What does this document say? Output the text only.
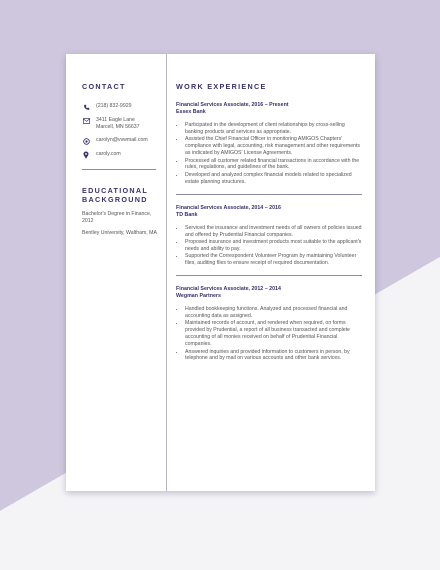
CONTACT
(218) 832-9929
3411 Eagle Lane
Marcell, MN 56637
carolyn@vvwmail.com
caroly.com
EDUCATIONAL BACKGROUND
Bachelor's Degree in Finance, 2012
Bentley University, Waltham, MA
WORK EXPERIENCE
Financial Services Associate, 2016 – Present
Essex Bank
• Participated in the development of client relationships by cross-selling banking products and services as appropriate.
• Assisted the Chief Financial Officer in monitoring AMIGOS Chapters' compliance with legal, accounting, risk management and other requirements as indicated by AMIGOS' License Agreements.
• Processed all customer related financial transactions in accordance with the rules, regulations, and guidelines of the bank.
• Developed and analyzed complex financial models related to specialized estate planning structures.
Financial Services Associate, 2014 – 2016
TD Bank
• Serviced the insurance and investment needs of all owners of policies issued and offered by Prudential Financial companies.
• Proposed insurance and investment products most suitable to the applicant's needs and ability to pay.
• Supported the Correspondent Volunteer Program by maintaining Volunteer files, auditing files to ensure receipt of required documentation.
Financial Services Associate, 2012 – 2014
Wegman Partners
• Handled bookkeeping functions. Analyzed and processed financial and accounting data as assigned.
• Maintained records of account, and rendered when required, on forms provided by Prudential, a report of all business transacted and complete accounting of all monies received on behalf of Prudential Financial companies.
• Answered inquiries and provided information to customers in person, by telephone and by mail on various accounts and other bank services.
